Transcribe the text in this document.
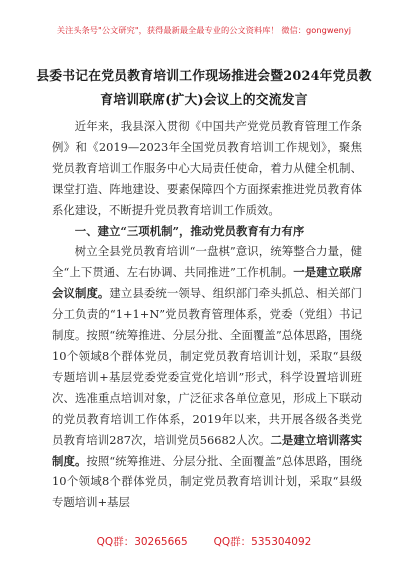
关注头条号"公文研究"，获得最新最全最专业的公文资料库！ 微信：gongwenyj
县委书记在党员教育培训工作现场推进会暨2024年党员教育培训联席(扩大)会议上的交流发言

近年来，我县深入贯彻《中国共产党党员教育管理工作条例》和《2019—2023年全国党员教育培训工作规划》，聚焦党员教育培训工作服务中心大局责任使命，着力从健全机制、课堂打造、阵地建设、要素保障四个方面探索推进党员教育体系化建设，不断提升党员教育培训工作质效。

一、建立“三项机制”，推动党员教育有力有序

树立全县党员教育培训“一盘棋”意识，统筹整合力量，健全“上下贯通、左右协调、共同推进”工作机制。一是建立联席会议制度。建立县委统一领导、组织部门牵头抓总、相关部门分工负责的“1+1+N”党员教育管理体系，党委（党组）书记制度。按照“统筹推进、分层分批、全面覆盖”总体思路，围绕10个领域8个群体党员，制定党员教育培训计划，采取“县级专题培训+基层党委党委宣党化培训”形式，科学设置培训班次、选准重点培训对象，广泛征求各单位意见，形成上下联动的党员教育培训工作体系，2019年以来，共开展各级各类党员教育培训287次，培训党员56682人次。二是建立培训落实制度。按照“统筹推进、分层分批、全面覆盖”总体思路，围绕10个领域8个群体党员，制定党员教育培训计划，采取“县级专题培训+基层

QQ群：30265665 QQ群：535304092
